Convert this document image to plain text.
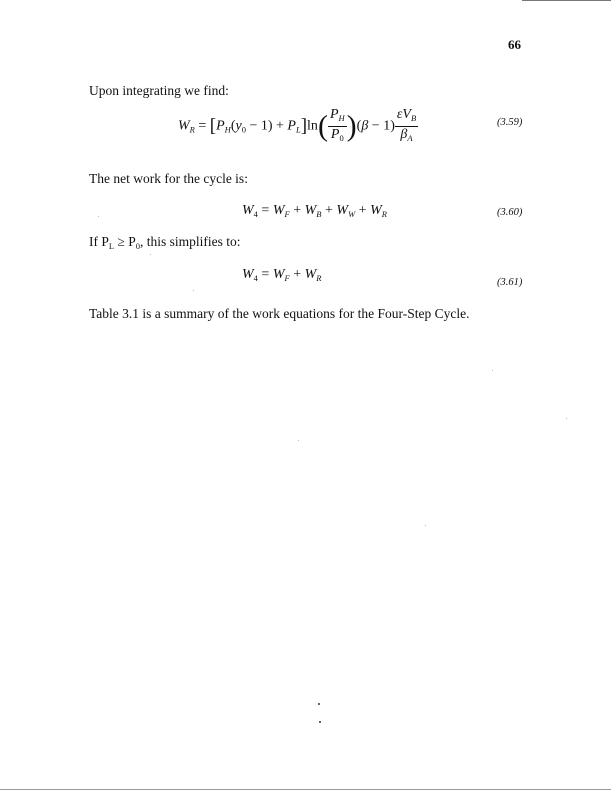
66
Upon integrating we find:
$W_R = [P_H(y_0 - 1) + P_L]\ln( \frac{P_H}{P_0} )(\beta - 1) \frac{\varepsilon V_B}{\beta_A}$	(3.59)
The net work for the cycle is:
$W_4 = W_F + W_B + W_W + W_R$	(3.60)
If $P_L \ge P_0$, this simplifies to:
$W_4 = W_F + W_R$	(3.61)
Table 3.1 is a summary of the work equations for the Four-Step Cycle.
